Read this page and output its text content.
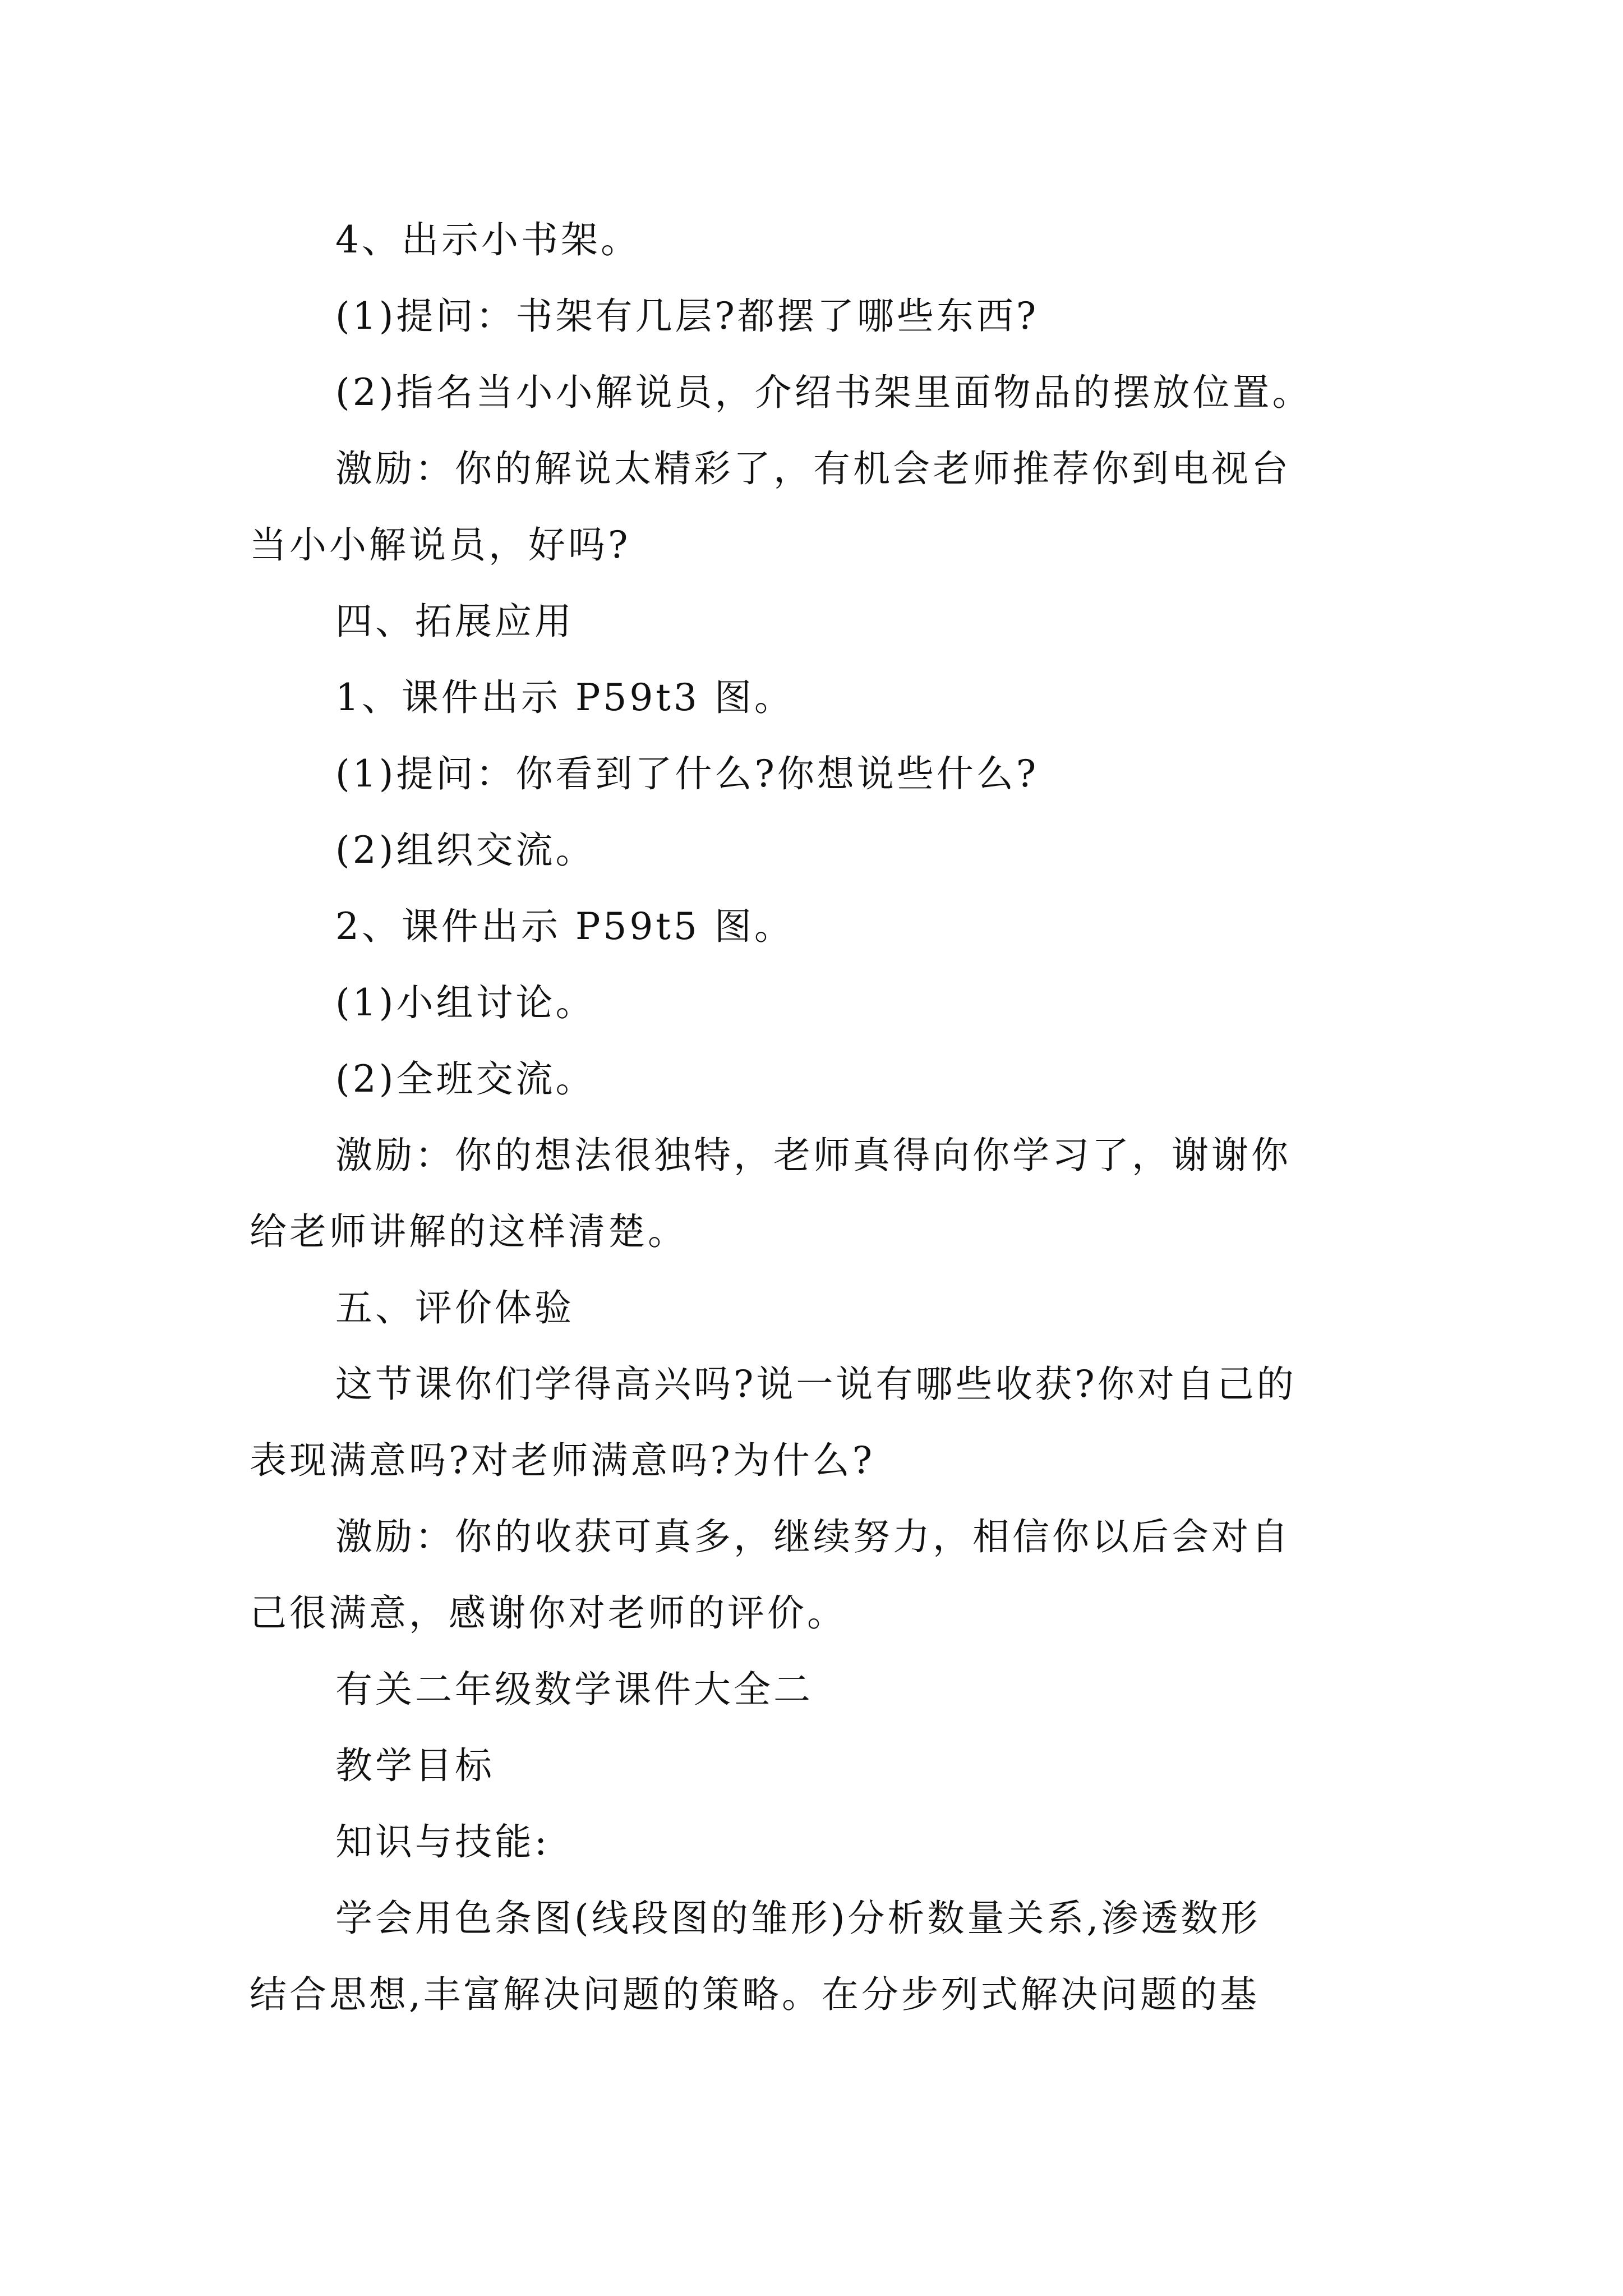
4、出示小书架。
(1)提问：书架有几层?都摆了哪些东西?
(2)指名当小小解说员，介绍书架里面物品的摆放位置。
激励：你的解说太精彩了，有机会老师推荐你到电视台
当小小解说员，好吗?
四、拓展应用
1、课件出示 P59t3 图。
(1)提问：你看到了什么?你想说些什么?
(2)组织交流。
2、课件出示 P59t5 图。
(1)小组讨论。
(2)全班交流。
激励：你的想法很独特，老师真得向你学习了，谢谢你
给老师讲解的这样清楚。
五、评价体验
这节课你们学得高兴吗?说一说有哪些收获?你对自己的
表现满意吗?对老师满意吗?为什么?
激励：你的收获可真多，继续努力，相信你以后会对自
己很满意，感谢你对老师的评价。
有关二年级数学课件大全二
教学目标
知识与技能:
学会用色条图(线段图的雏形)分析数量关系,渗透数形
结合思想,丰富解决问题的策略。在分步列式解决问题的基
